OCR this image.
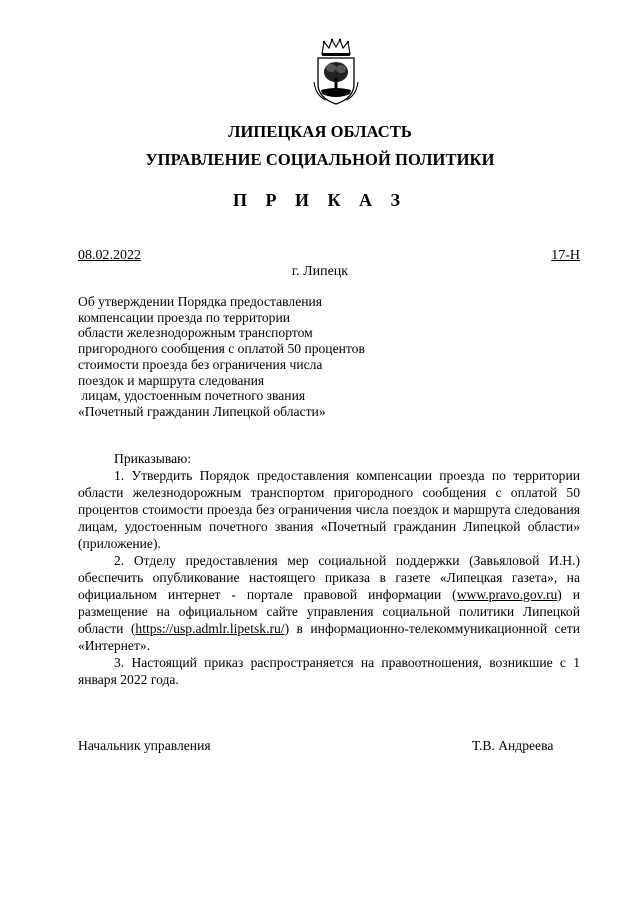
ЛИПЕЦКАЯ ОБЛАСТЬ
УПРАВЛЕНИЕ СОЦИАЛЬНОЙ ПОЛИТИКИ
П Р И К А З
08.02.2022	17-Н
г. Липецк
Об утверждении Порядка предоставления
компенсации проезда по территории
области железнодорожным транспортом
пригородного сообщения с оплатой 50 процентов
стоимости проезда без ограничения числа
поездок и маршрута следования
лицам, удостоенным почетного звания
«Почетный гражданин Липецкой области»

Приказываю:

1. Утвердить Порядок предоставления компенсации проезда по территории области железнодорожным транспортом пригородного сообщения с оплатой 50 процентов стоимости проезда без ограничения числа поездок и маршрута следования лицам, удостоенным почетного звания «Почетный гражданин Липецкой области» (приложение).

2. Отделу предоставления мер социальной поддержки (Завьяловой И.Н.) обеспечить опубликование настоящего приказа в газете «Липецкая газета», на официальном интернет - портале правовой информации (www.pravo.gov.ru) и размещение на официальном сайте управления социальной политики Липецкой области (https://usp.admlr.lipetsk.ru/) в информационно-телекоммуникационной сети «Интернет».

3. Настоящий приказ распространяется на правоотношения, возникшие с 1 января 2022 года.

Начальник управления	Т.В. Андреева
